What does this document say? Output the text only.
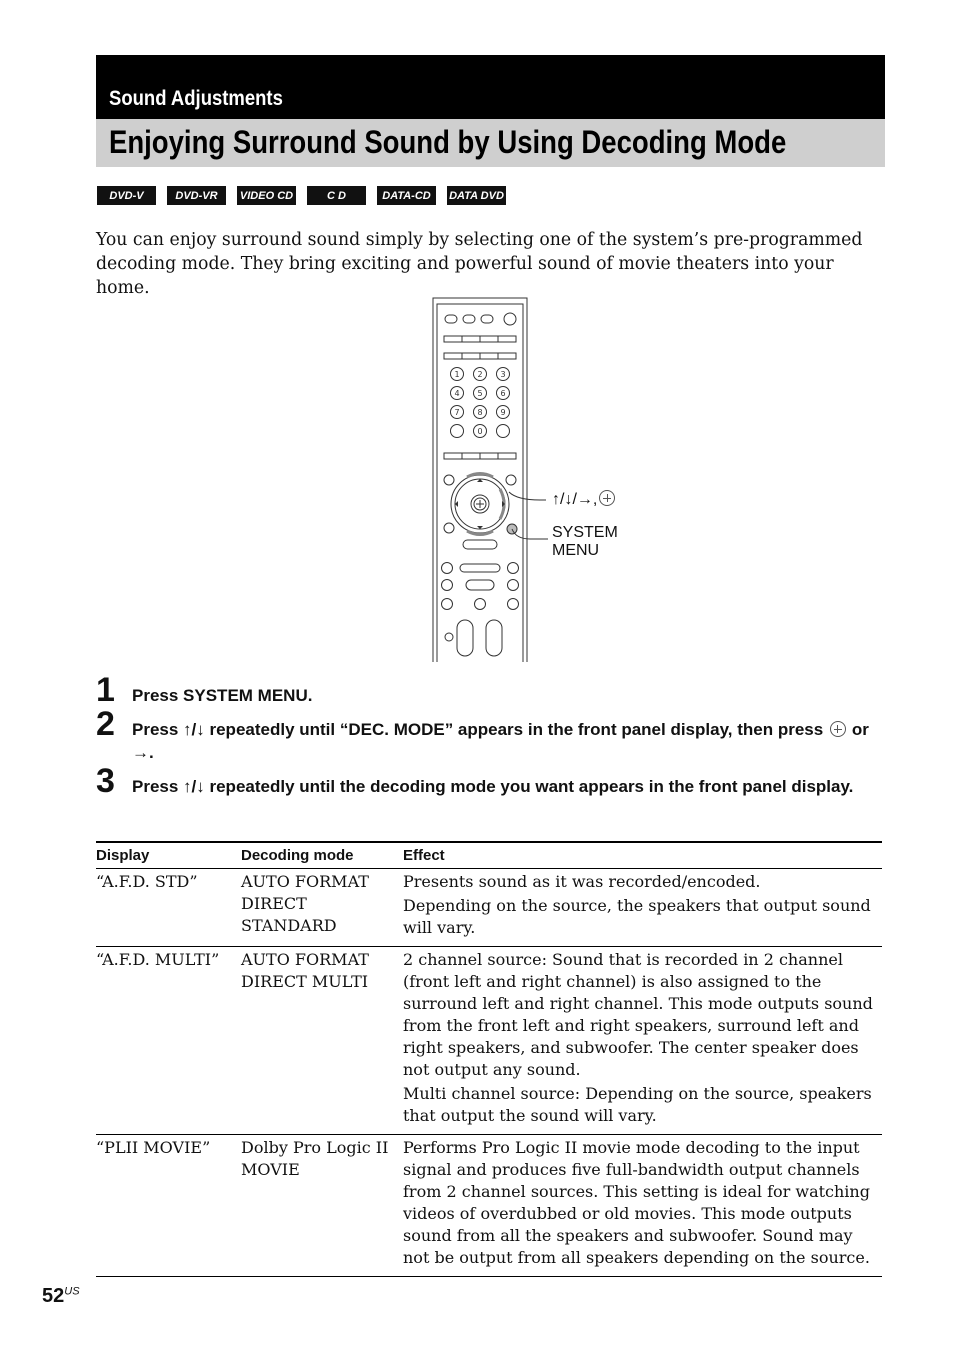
Sound Adjustments
Enjoying Surround Sound by Using Decoding Mode
DVD-V	DVD-VR	VIDEO CD	C D	DATA-CD	DATA DVD

You can enjoy surround sound simply by selecting one of the system’s pre-programmed decoding mode. They bring exciting and powerful sound of movie theaters into your home.

1 2 3
4 5 6
7 8 9
0
↑/↓/→,
SYSTEM
MENU
1 Press SYSTEM MENU.
2 Press ↑/↓ repeatedly until “DEC. MODE” appears in the front panel display, then press or →.
3 Press ↑/↓ repeatedly until the decoding mode you want appears in the front panel display.
Display	Decoding mode	Effect
“A.F.D. STD”	AUTO FORMAT DIRECT STANDARD	Presents sound as it was recorded/encoded.

Depending on the source, the speakers that output sound will vary.

“A.F.D. MULTI”	AUTO FORMAT DIRECT MULTI	2 channel source: Sound that is recorded in 2 channel (front left and right channel) is also assigned to the surround left and right channel. This mode outputs sound from the front left and right speakers, surround left and right speakers, and subwoofer. The center speaker does not output any sound.

Multi channel source: Depending on the source, speakers that output the sound will vary.

“PLII MOVIE”	Dolby Pro Logic II MOVIE	Performs Pro Logic II movie mode decoding to the input signal and produces five full-bandwidth output channels from 2 channel sources. This setting is ideal for watching videos of overdubbed or old movies. This mode outputs sound from all the speakers and subwoofer. Sound may not be output from all speakers depending on the source.

$52^{US}$
